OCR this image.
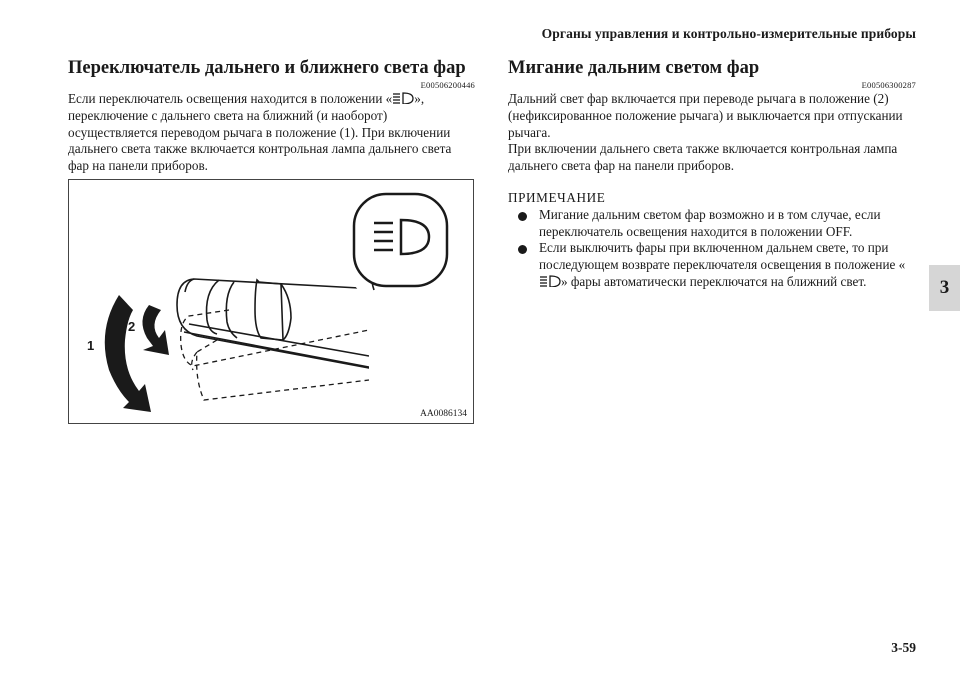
Органы управления и контрольно-измерительные приборы
3
Переключатель дальнего и ближнего света фар
E00506200446

Если переключатель освещения находится в положении « », переключение с дальнего света на ближний (и наоборот) осуществляется переводом рычага в положение (1). При включении дальнего света также включается контрольная лампа дальнего света фар на панели приборов.

1
2
AA0086134
Мигание дальним светом фар
E00506300287

Дальний свет фар включается при переводе рычага в положение (2) (нефиксированное положение рычага) и выключается при отпускании рычага.

При включении дальнего света также включается контрольная лампа дальнего света фар на панели приборов.

ПРИМЕЧАНИЕ
Мигание дальним светом фар возможно и в том случае, если переключатель освещения находится в положении OFF.
Если выключить фары при включенном дальнем свете, то при последующем возврате переключателя освещения в положение «» фары автоматически переключатся на ближний свет.
3-59
